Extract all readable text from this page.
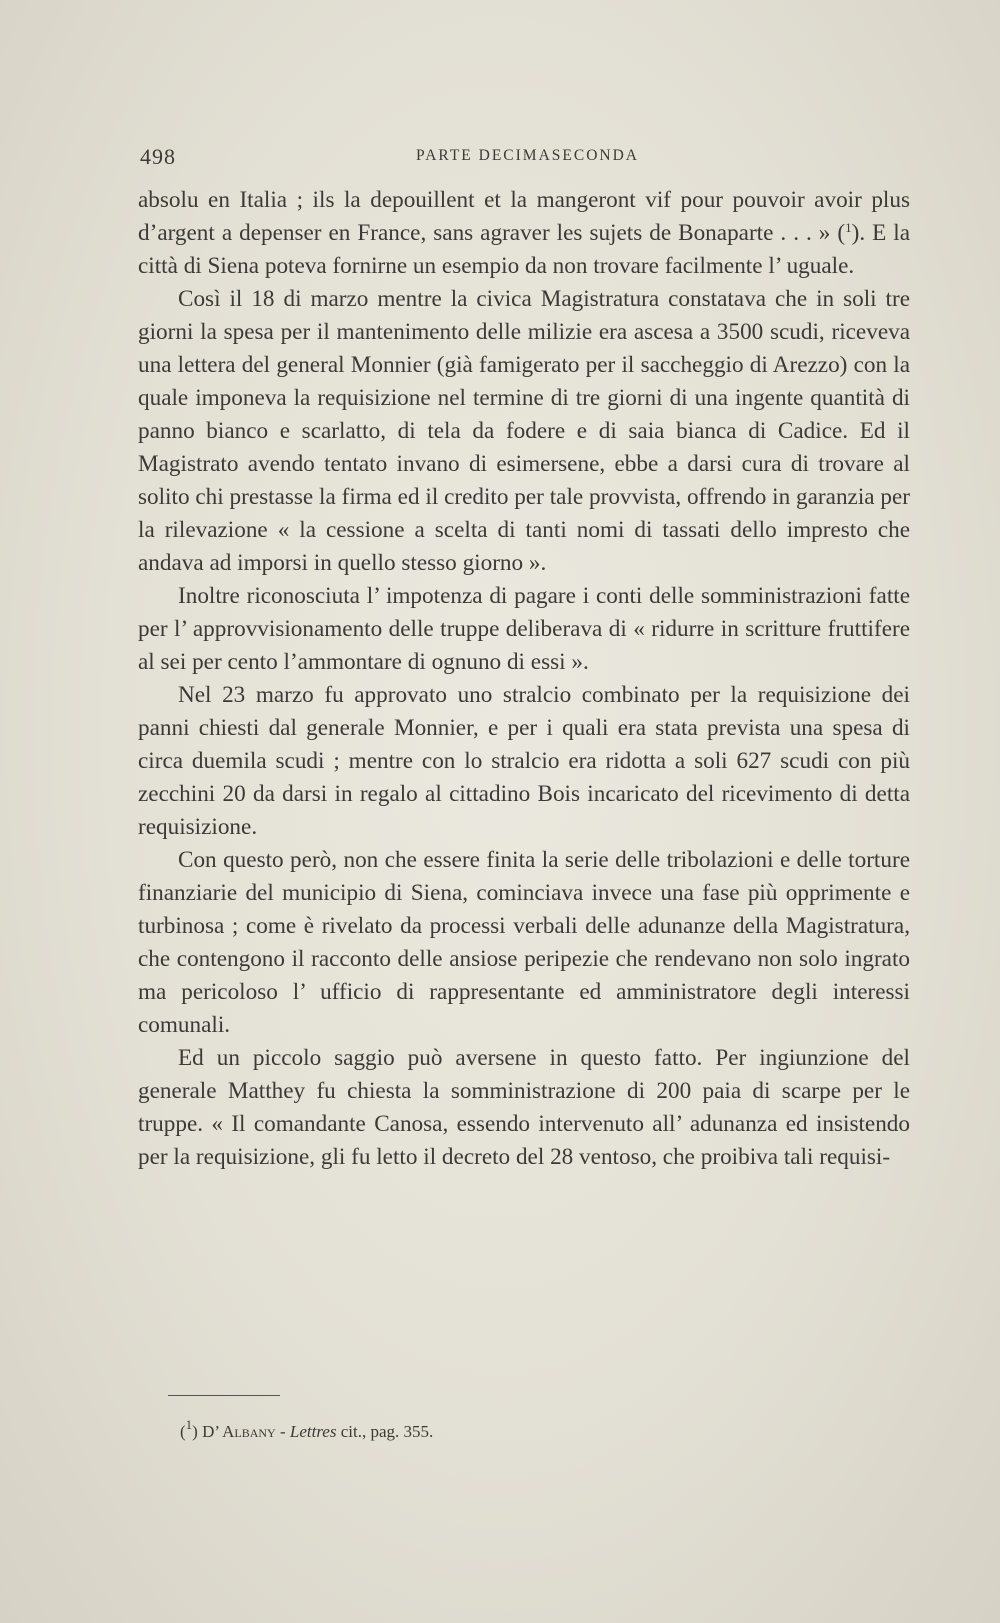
498	PARTE DECIMASECONDA

absolu en Italia ; ils la depouillent et la mangeront vif pour pouvoir avoir plus d’argent a depenser en France, sans agraver les sujets de Bonaparte . . . » ($^1$). E la città di Siena poteva fornirne un esempio da non trovare facilmente l’ uguale.

Così il 18 di marzo mentre la civica Magistratura constatava che in soli tre giorni la spesa per il mantenimento delle milizie era ascesa a 3500 scudi, riceveva una lettera del general Monnier (già famigerato per il saccheggio di Arezzo) con la quale imponeva la requisizione nel termine di tre giorni di una ingente quantità di panno bianco e scarlatto, di tela da fodere e di saia bianca di Cadice. Ed il Magistrato avendo tentato invano di esimersene, ebbe a darsi cura di trovare al solito chi prestasse la firma ed il credito per tale provvista, offrendo in garanzia per la rilevazione « la cessione a scelta di tanti nomi di tassati dello impresto che andava ad imporsi in quello stesso giorno ».

Inoltre riconosciuta l’ impotenza di pagare i conti delle somministrazioni fatte per l’ approvvisionamento delle truppe deliberava di « ridurre in scritture fruttifere al sei per cento l’ammontare di ognuno di essi ».

Nel 23 marzo fu approvato uno stralcio combinato per la requisizione dei panni chiesti dal generale Monnier, e per i quali era stata prevista una spesa di circa duemila scudi ; mentre con lo stralcio era ridotta a soli 627 scudi con più zecchini 20 da darsi in regalo al cittadino Bois incaricato del ricevimento di detta requisizione.

Con questo però, non che essere finita la serie delle tribolazioni e delle torture finanziarie del municipio di Siena, cominciava invece una fase più opprimente e turbinosa ; come è rivelato da processi verbali delle adunanze della Magistratura, che contengono il racconto delle ansiose peripezie che rendevano non solo ingrato ma pericoloso l’ ufficio di rappresentante ed amministratore degli interessi comunali.

Ed un piccolo saggio può aversene in questo fatto. Per ingiunzione del generale Matthey fu chiesta la somministrazione di 200 paia di scarpe per le truppe. « Il comandante Canosa, essendo intervenuto all’ adunanza ed insistendo per la requisizione, gli fu letto il decreto del 28 ventoso, che proibiva tali requisi-

($^1$) D’ Albany - Lettres cit., pag. 355.
